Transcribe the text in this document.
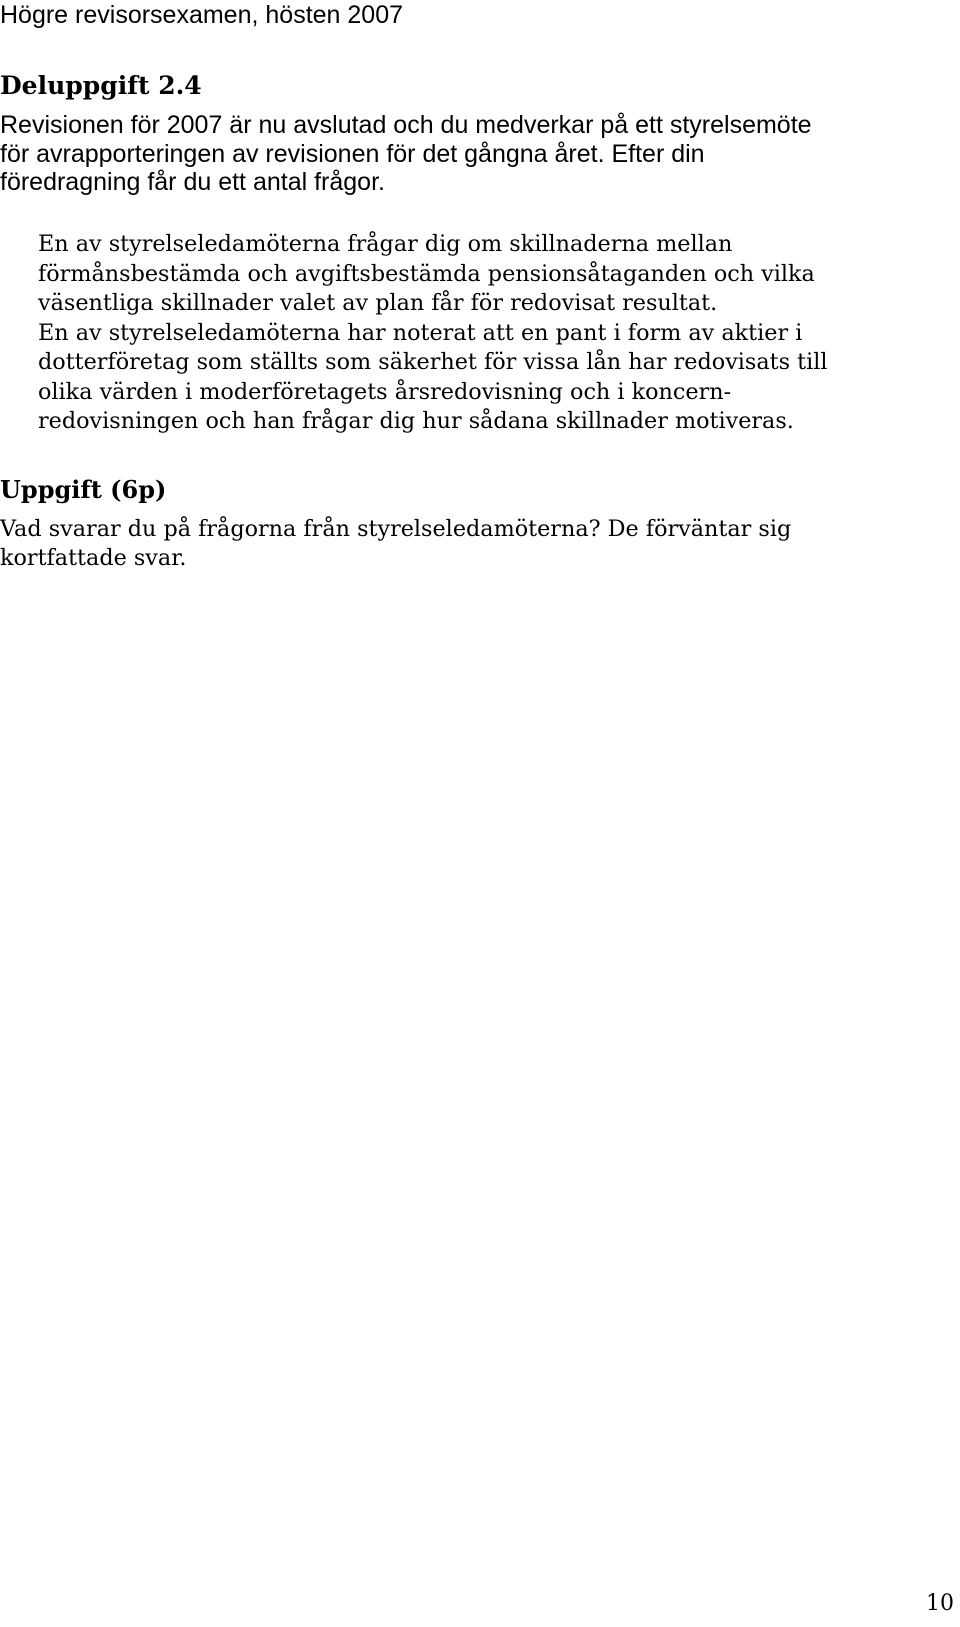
Högre revisorsexamen, hösten 2007
Deluppgift 2.4
Revisionen för 2007 är nu avslutad och du medverkar på ett styrelsemöte
för avrapporteringen av revisionen för det gångna året. Efter din
föredragning får du ett antal frågor.
En av styrelseledamöterna frågar dig om skillnaderna mellan
förmånsbestämda och avgiftsbestämda pensionsåtaganden och vilka
väsentliga skillnader valet av plan får för redovisat resultat.
En av styrelseledamöterna har noterat att en pant i form av aktier i
dotterföretag som ställts som säkerhet för vissa lån har redovisats till
olika värden i moderföretagets årsredovisning och i koncern-
redovisningen och han frågar dig hur sådana skillnader motiveras.
Uppgift (6p)
Vad svarar du på frågorna från styrelseledamöterna? De förväntar sig
kortfattade svar.
10
